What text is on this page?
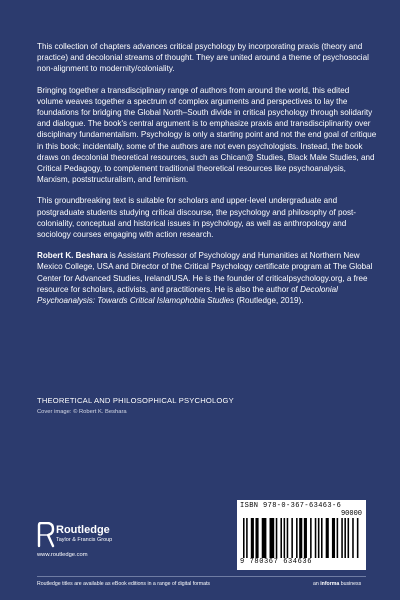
This collection of chapters advances critical psychology by incorporating praxis (theory and practice) and decolonial streams of thought. They are united around a theme of psychosocial non-alignment to modernity/coloniality.

Bringing together a transdisciplinary range of authors from around the world, this edited volume weaves together a spectrum of complex arguments and perspectives to lay the foundations for bridging the Global North–South divide in critical psychology through solidarity and dialogue. The book's central argument is to emphasize praxis and transdisciplinarity over disciplinary fundamentalism. Psychology is only a starting point and not the end goal of critique in this book; incidentally, some of the authors are not even psychologists. Instead, the book draws on decolonial theoretical resources, such as Chican@ Studies, Black Male Studies, and Critical Pedagogy, to complement traditional theoretical resources like psychoanalysis, Marxism, poststructuralism, and feminism.

This groundbreaking text is suitable for scholars and upper-level undergraduate and postgraduate students studying critical discourse, the psychology and philosophy of post-coloniality, conceptual and historical issues in psychology, as well as anthropology and sociology courses engaging with action research.

Robert K. Beshara is Assistant Professor of Psychology and Humanities at Northern New Mexico College, USA and Director of the Critical Psychology certificate program at The Global Center for Advanced Studies, Ireland/USA. He is the founder of criticalpsychology.org, a free resource for scholars, activists, and practitioners. He is also the author of Decolonial Psychoanalysis: Towards Critical Islamophobia Studies (Routledge, 2019).

THEORETICAL AND PHILOSOPHICAL PSYCHOLOGY
Cover image: © Robert K. Beshara
ISBN 978-0-367-63463-6
90000
9 780367 634636
Routledge
Taylor & Francis Group
www.routledge.com
Routledge titles are available as eBook editions in a range of digital formats	an informa business
